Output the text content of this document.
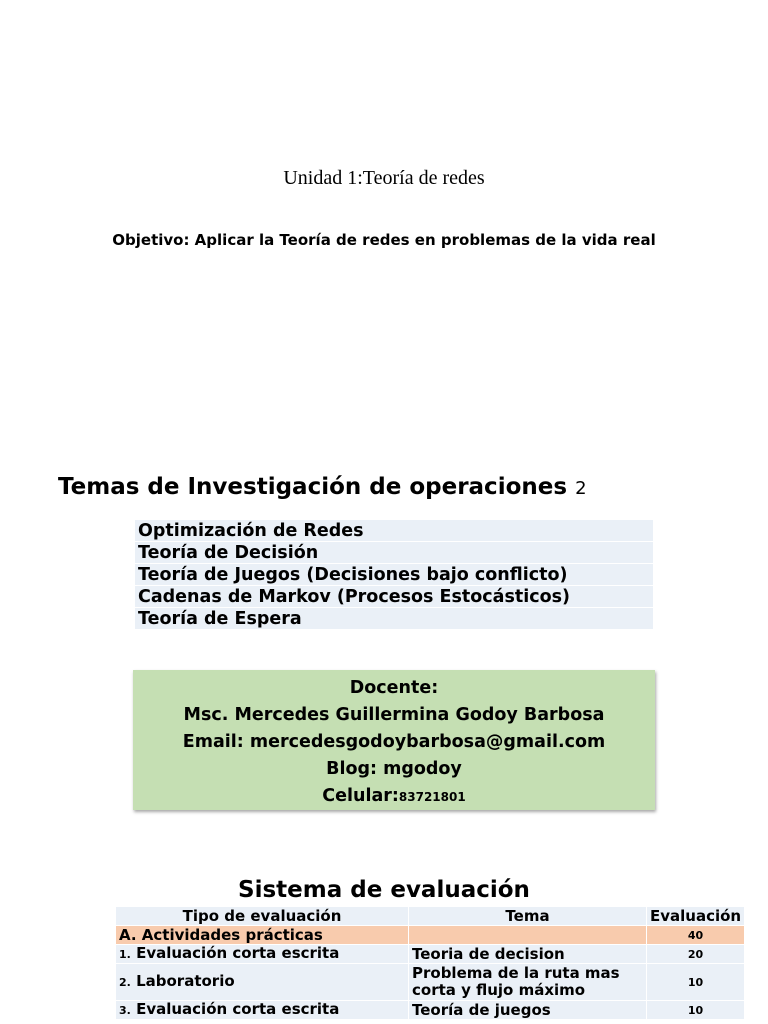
Unidad 1:Teoría de redes
Objetivo: Aplicar la Teoría de redes en problemas de la vida real
Temas de Investigación de operaciones 2
Optimización de Redes
Teoría de Decisión
Teoría de Juegos (Decisiones bajo conflicto)
Cadenas de Markov (Procesos Estocásticos)
Teoría de Espera
Docente:
Msc. Mercedes Guillermina Godoy Barbosa
Email: mercedesgodoybarbosa@gmail.com
Blog: mgodoy
Celular:83721801
Sistema de evaluación
Tipo de evaluación	Tema	Evaluación
A. Actividades prácticas		40
1. Evaluación corta escrita	Teoria de decision	20
2. Laboratorio	Problema de la ruta mas
corta y flujo máximo	10
3. Evaluación corta escrita	Teoría de juegos	10
